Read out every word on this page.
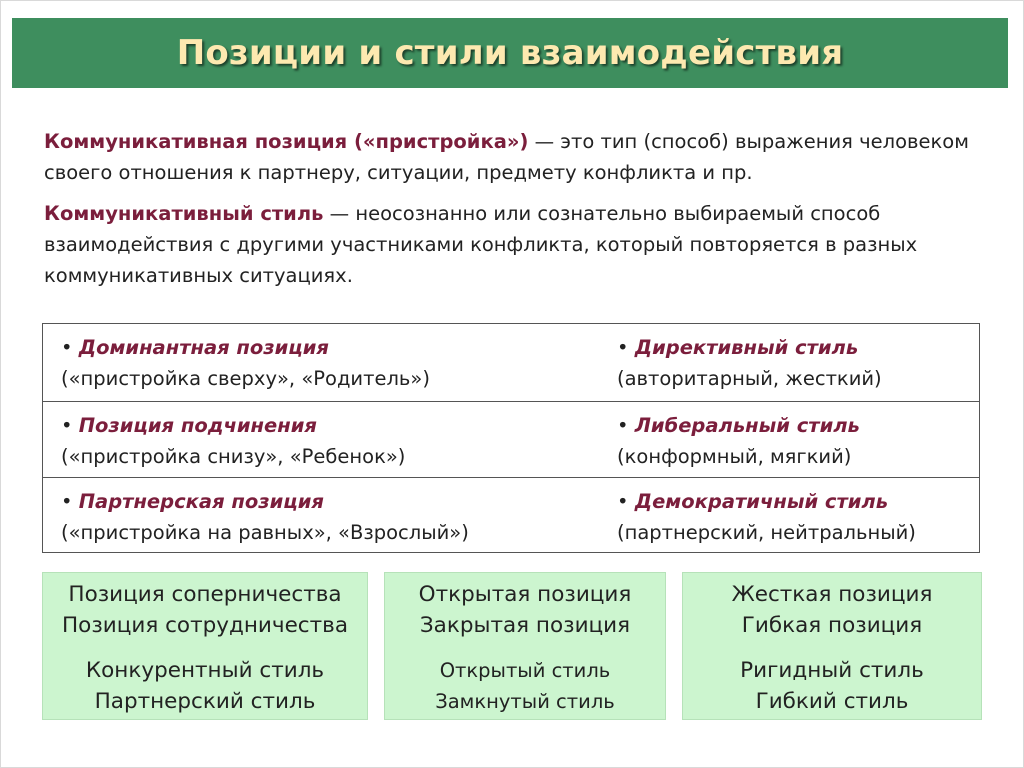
Позиции и стили взаимодействия

Коммуникативная позиция («пристройка») — это тип (способ) выражения человеком своего отношения к партнеру, ситуации, предмету конфликта и пр.

Коммуникативный стиль — неосознанно или сознательно выбираемый способ взаимодействия с другими участниками конфликта, который повторяется в разных коммуникативных ситуациях.

• Доминантная позиция
(«пристройка сверху», «Родитель»)
• Директивный стиль
(авторитарный, жесткий)
• Позиция подчинения
(«пристройка снизу», «Ребенок»)
• Либеральный стиль
(конформный, мягкий)
• Партнерская позиция
(«пристройка на равных», «Взрослый»)
• Демократичный стиль
(партнерский, нейтральный)
Позиция соперничества
Позиция сотрудничества
Конкурентный стиль
Партнерский стиль
Открытая позиция
Закрытая позиция
Открытый стиль
Замкнутый стиль
Жесткая позиция
Гибкая позиция
Ригидный стиль
Гибкий стиль
